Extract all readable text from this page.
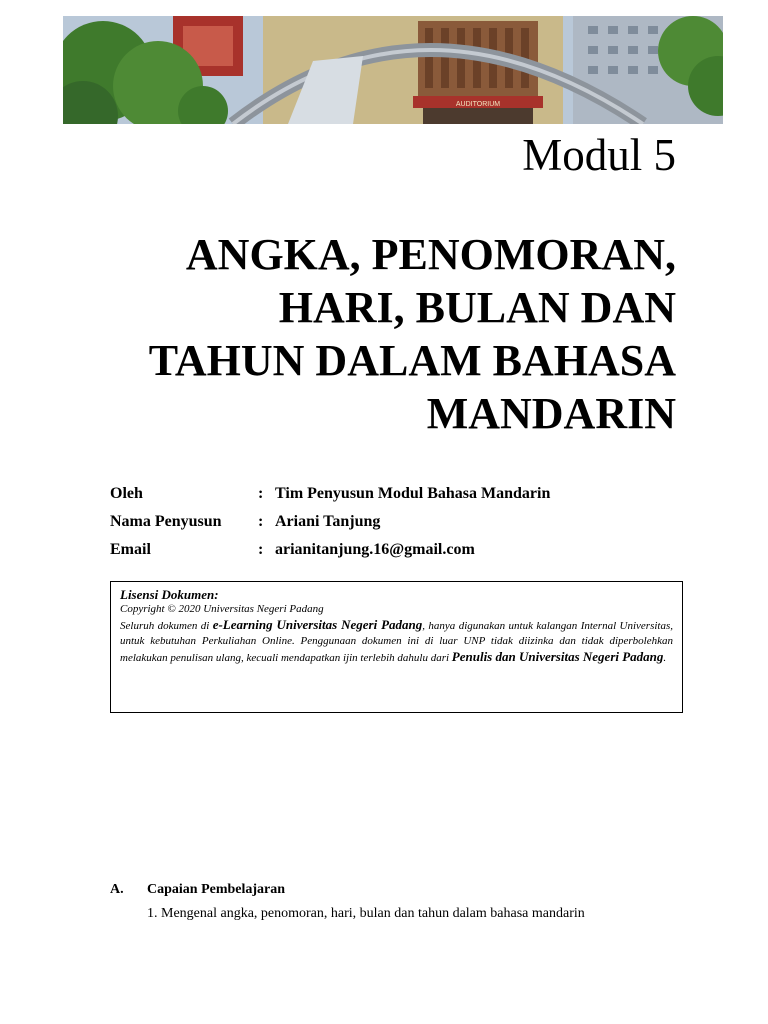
AUDITORIUM
Modul 5
ANGKA, PENOMORAN,
HARI, BULAN DAN
TAHUN DALAM BAHASA
MANDARIN
Oleh	: Tim Penyusun Modul Bahasa Mandarin
Nama Penyusun	: Ariani Tanjung
Email	: arianitanjung.16@gmail.com
Lisensi Dokumen:

Copyright © 2020 Universitas Negeri Padang

Seluruh dokumen di e-Learning Universitas Negeri Padang, hanya digunakan untuk kalangan Internal Universitas, untuk kebutuhan Perkuliahan Online. Penggunaan dokumen ini di luar UNP tidak diizinka dan tidak diperbolehkan melakukan penulisan ulang, kecuali mendapatkan ijin terlebih dahulu dari Penulis dan Universitas Negeri Padang.

A.	Capaian Pembelajaran
1. Mengenal angka, penomoran, hari, bulan dan tahun dalam bahasa mandarin
